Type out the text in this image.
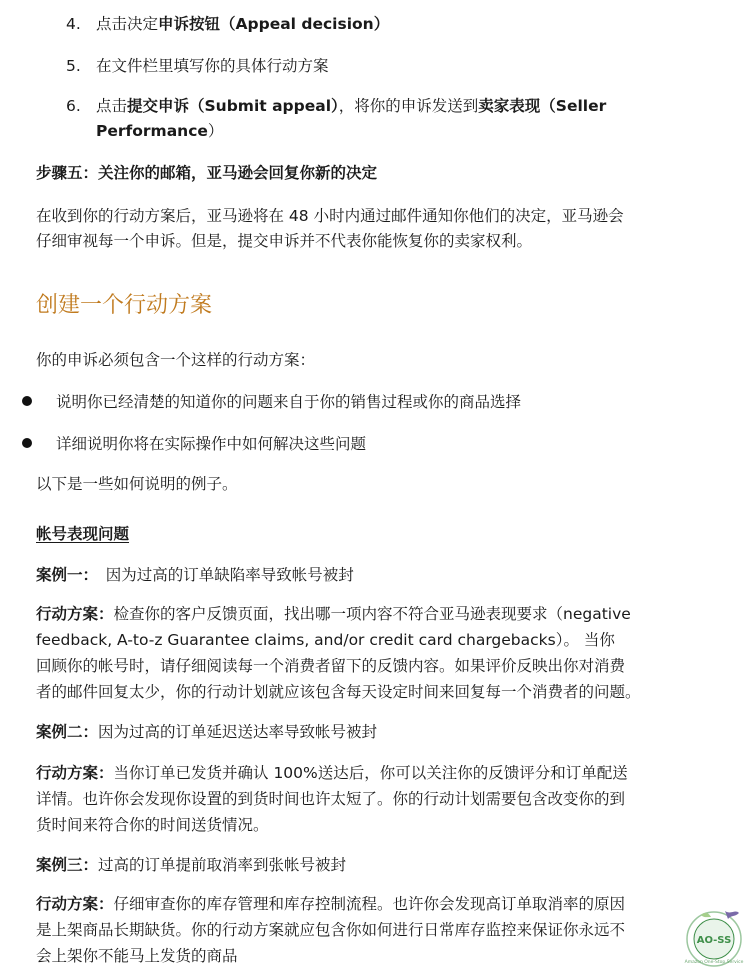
4. 点击决定申诉按钮（Appeal decision）
5. 在文件栏里填写你的具体行动方案
6. 点击提交申诉（Submit appeal），将你的申诉发送到卖家表现（Seller
Performance）
步骤五：关注你的邮箱，亚马逊会回复你新的决定
在收到你的行动方案后，亚马逊将在 48 小时内通过邮件通知你他们的决定，亚马逊会
仔细审视每一个申诉。但是，提交申诉并不代表你能恢复你的卖家权利。
创建一个行动方案
你的申诉必须包含一个这样的行动方案：
说明你已经清楚的知道你的问题来自于你的销售过程或你的商品选择
详细说明你将在实际操作中如何解决这些问题
以下是一些如何说明的例子。
帐号表现问题
案例一：　因为过高的订单缺陷率导致帐号被封
行动方案：检查你的客户反馈页面，找出哪一项内容不符合亚马逊表现要求（negative
feedback, A-to-z Guarantee claims, and/or credit card chargebacks）。 当你
回顾你的帐号时，请仔细阅读每一个消费者留下的反馈内容。如果评价反映出你对消费
者的邮件回复太少，你的行动计划就应该包含每天设定时间来回复每一个消费者的问题。
案例二：因为过高的订单延迟送达率导致帐号被封
行动方案：当你订单已发货并确认 100%送达后，你可以关注你的反馈评分和订单配送
详情。也许你会发现你设置的到货时间也许太短了。你的行动计划需要包含改变你的到
货时间来符合你的时间送货情况。
案例三：过高的订单提前取消率到张帐号被封
行动方案：仔细审查你的库存管理和库存控制流程。也许你会发现高订单取消率的原因
是上架商品长期缺货。你的行动方案就应包含你如何进行日常库存监控来保证你永远不
会上架你不能马上发货的商品
AO-SS
Amazon One-Stop Service
